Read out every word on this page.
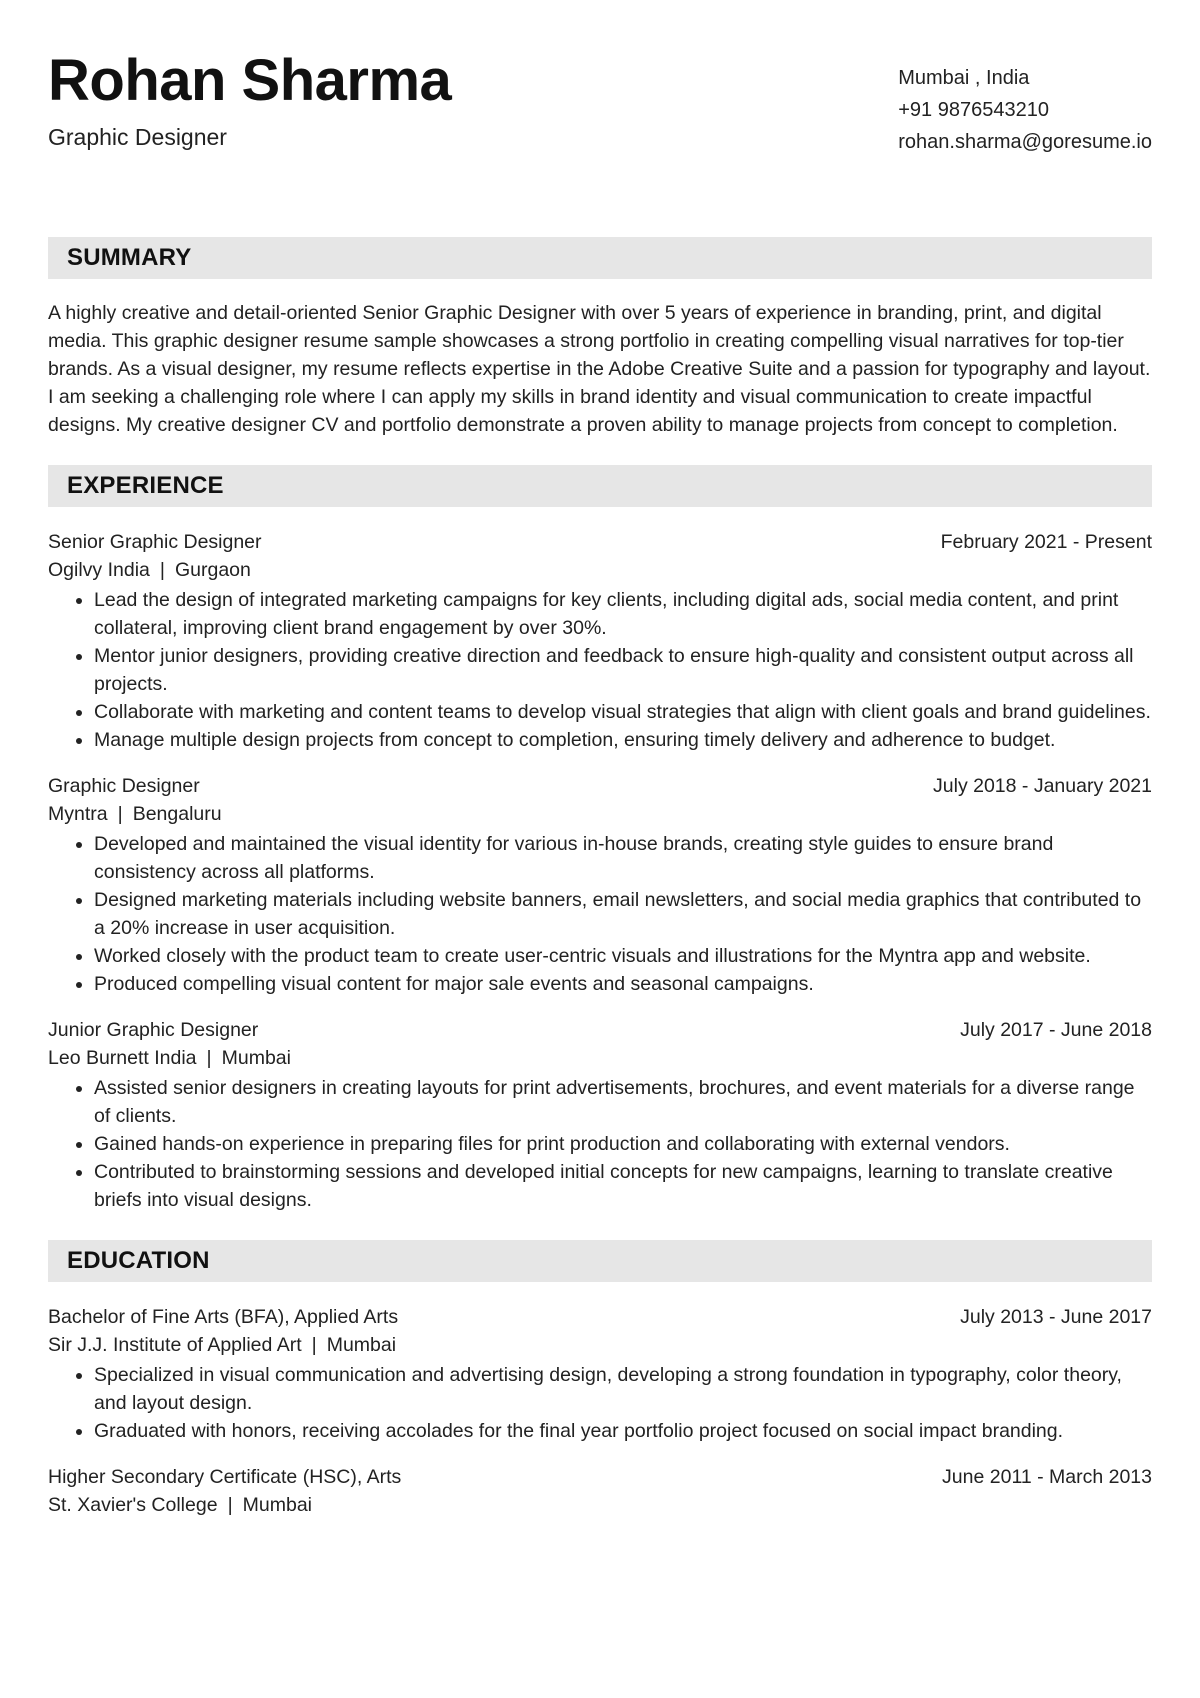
Rohan Sharma
Graphic Designer
Mumbai , India
+91 9876543210
rohan.sharma@goresume.io
SUMMARY

A highly creative and detail-oriented Senior Graphic Designer with over 5 years of experience in branding, print, and digital media. This graphic designer resume sample showcases a strong portfolio in creating compelling visual narratives for top-tier brands. As a visual designer, my resume reflects expertise in the Adobe Creative Suite and a passion for typography and layout. I am seeking a challenging role where I can apply my skills in brand identity and visual communication to create impactful designs. My creative designer CV and portfolio demonstrate a proven ability to manage projects from concept to completion.

EXPERIENCE
Senior Graphic Designer	February 2021 - Present
Ogilvy India | Gurgaon
• Lead the design of integrated marketing campaigns for key clients, including digital ads, social media content, and print collateral, improving client brand engagement by over 30%.
• Mentor junior designers, providing creative direction and feedback to ensure high-quality and consistent output across all projects.
• Collaborate with marketing and content teams to develop visual strategies that align with client goals and brand guidelines.
• Manage multiple design projects from concept to completion, ensuring timely delivery and adherence to budget.
Graphic Designer	July 2018 - January 2021
Myntra | Bengaluru
• Developed and maintained the visual identity for various in-house brands, creating style guides to ensure brand consistency across all platforms.
• Designed marketing materials including website banners, email newsletters, and social media graphics that contributed to a 20% increase in user acquisition.
• Worked closely with the product team to create user-centric visuals and illustrations for the Myntra app and website.
• Produced compelling visual content for major sale events and seasonal campaigns.
Junior Graphic Designer	July 2017 - June 2018
Leo Burnett India | Mumbai
• Assisted senior designers in creating layouts for print advertisements, brochures, and event materials for a diverse range of clients.
• Gained hands-on experience in preparing files for print production and collaborating with external vendors.
• Contributed to brainstorming sessions and developed initial concepts for new campaigns, learning to translate creative briefs into visual designs.
EDUCATION
Bachelor of Fine Arts (BFA), Applied Arts	July 2013 - June 2017
Sir J.J. Institute of Applied Art | Mumbai
• Specialized in visual communication and advertising design, developing a strong foundation in typography, color theory, and layout design.
• Graduated with honors, receiving accolades for the final year portfolio project focused on social impact branding.
Higher Secondary Certificate (HSC), Arts	June 2011 - March 2013
St. Xavier's College | Mumbai
